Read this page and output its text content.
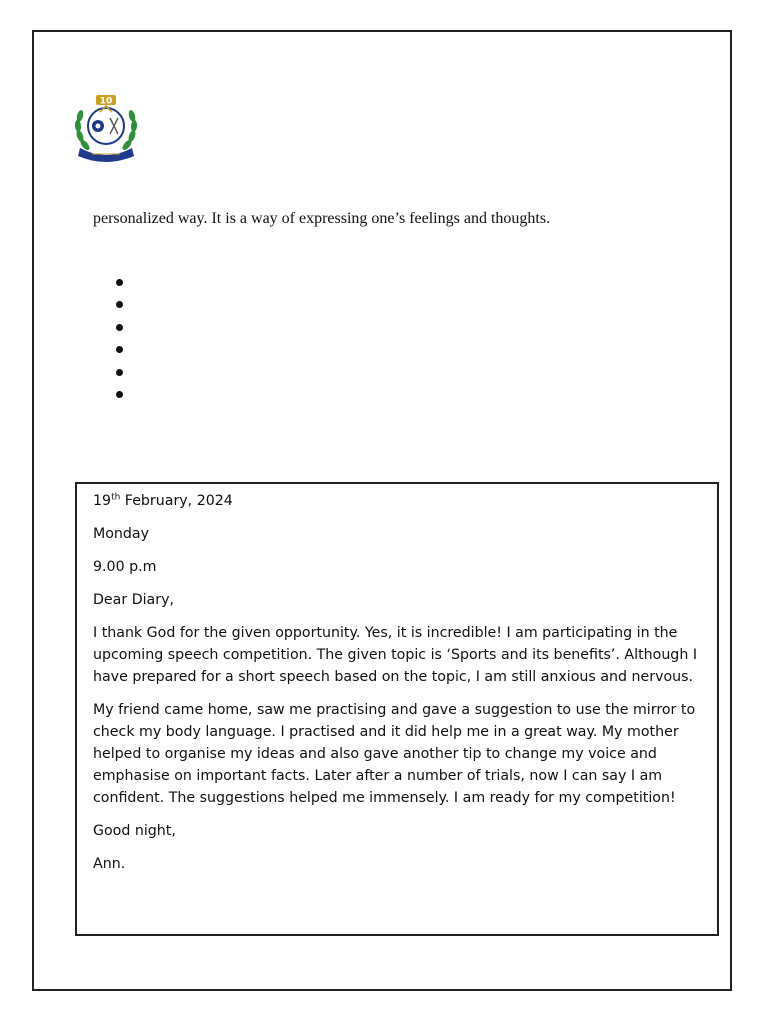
10
personalized way. It is a way of expressing one’s feelings and thoughts.

19th February, 2024

Monday

9.00 p.m

Dear Diary,

I thank God for the given opportunity. Yes, it is incredible! I am participating in the upcoming speech competition. The given topic is ‘Sports and its benefits’. Although I have prepared for a short speech based on the topic, I am still anxious and nervous.

My friend came home, saw me practising and gave a suggestion to use the mirror to check my body language. I practised and it did help me in a great way. My mother helped to organise my ideas and also gave another tip to change my voice and emphasise on important facts. Later after a number of trials, now I can say I am confident. The suggestions helped me immensely. I am ready for my competition!

Good night,

Ann.
